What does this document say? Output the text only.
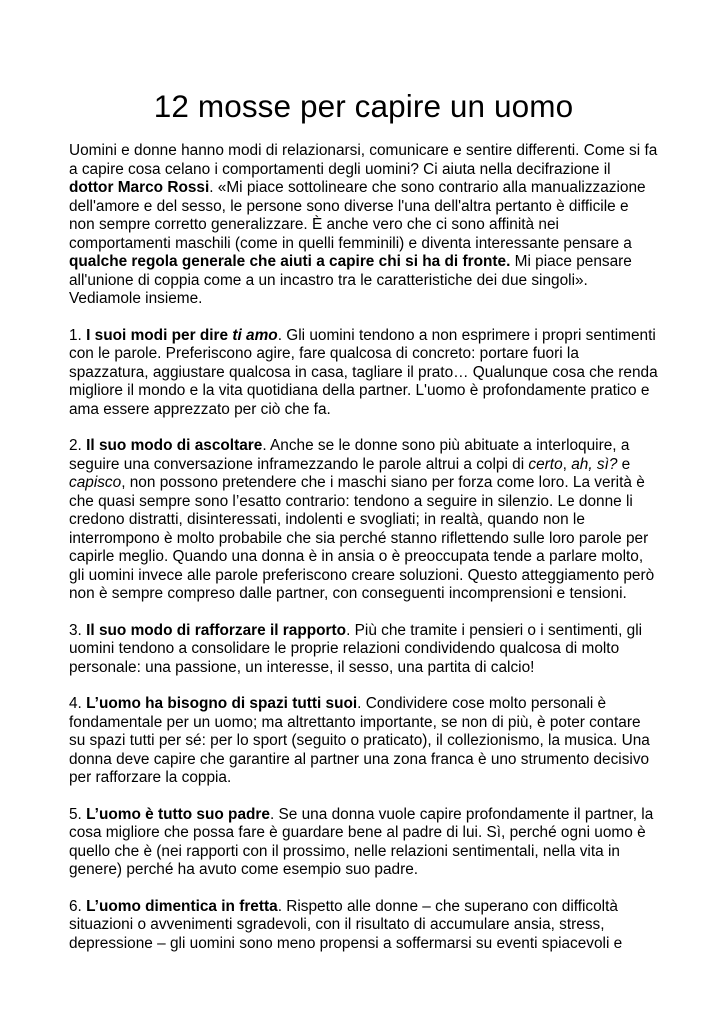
12 mosse per capire un uomo

Uomini e donne hanno modi di relazionarsi, comunicare e sentire differenti. Come si fa a capire cosa celano i comportamenti degli uomini? Ci aiuta nella decifrazione il dottor Marco Rossi. «Mi piace sottolineare che sono contrario alla manualizzazione dell'amore e del sesso, le persone sono diverse l'una dell'altra pertanto è difficile e non sempre corretto generalizzare. È anche vero che ci sono affinità nei comportamenti maschili (come in quelli femminili) e diventa interessante pensare a qualche regola generale che aiuti a capire chi si ha di fronte. Mi piace pensare all'unione di coppia come a un incastro tra le caratteristiche dei due singoli». Vediamole insieme.

1. I suoi modi per dire ti amo. Gli uomini tendono a non esprimere i propri sentimenti con le parole. Preferiscono agire, fare qualcosa di concreto: portare fuori la spazzatura, aggiustare qualcosa in casa, tagliare il prato… Qualunque cosa che renda migliore il mondo e la vita quotidiana della partner. L'uomo è profondamente pratico e ama essere apprezzato per ciò che fa.

2. Il suo modo di ascoltare. Anche se le donne sono più abituate a interloquire, a seguire una conversazione inframezzando le parole altrui a colpi di certo, ah, sì? e capisco, non possono pretendere che i maschi siano per forza come loro. La verità è che quasi sempre sono l’esatto contrario: tendono a seguire in silenzio. Le donne li credono distratti, disinteressati, indolenti e svogliati; in realtà, quando non le interrompono è molto probabile che sia perché stanno riflettendo sulle loro parole per capirle meglio. Quando una donna è in ansia o è preoccupata tende a parlare molto, gli uomini invece alle parole preferiscono creare soluzioni. Questo atteggiamento però non è sempre compreso dalle partner, con conseguenti incomprensioni e tensioni.

3. Il suo modo di rafforzare il rapporto. Più che tramite i pensieri o i sentimenti, gli uomini tendono a consolidare le proprie relazioni condividendo qualcosa di molto personale: una passione, un interesse, il sesso, una partita di calcio!

4. L’uomo ha bisogno di spazi tutti suoi. Condividere cose molto personali è fondamentale per un uomo; ma altrettanto importante, se non di più, è poter contare su spazi tutti per sé: per lo sport (seguito o praticato), il collezionismo, la musica. Una donna deve capire che garantire al partner una zona franca è uno strumento decisivo per rafforzare la coppia.

5. L’uomo è tutto suo padre. Se una donna vuole capire profondamente il partner, la cosa migliore che possa fare è guardare bene al padre di lui. Sì, perché ogni uomo è quello che è (nei rapporti con il prossimo, nelle relazioni sentimentali, nella vita in genere) perché ha avuto come esempio suo padre.

6. L’uomo dimentica in fretta. Rispetto alle donne – che superano con difficoltà situazioni o avvenimenti sgradevoli, con il risultato di accumulare ansia, stress, depressione – gli uomini sono meno propensi a soffermarsi su eventi spiacevoli e
